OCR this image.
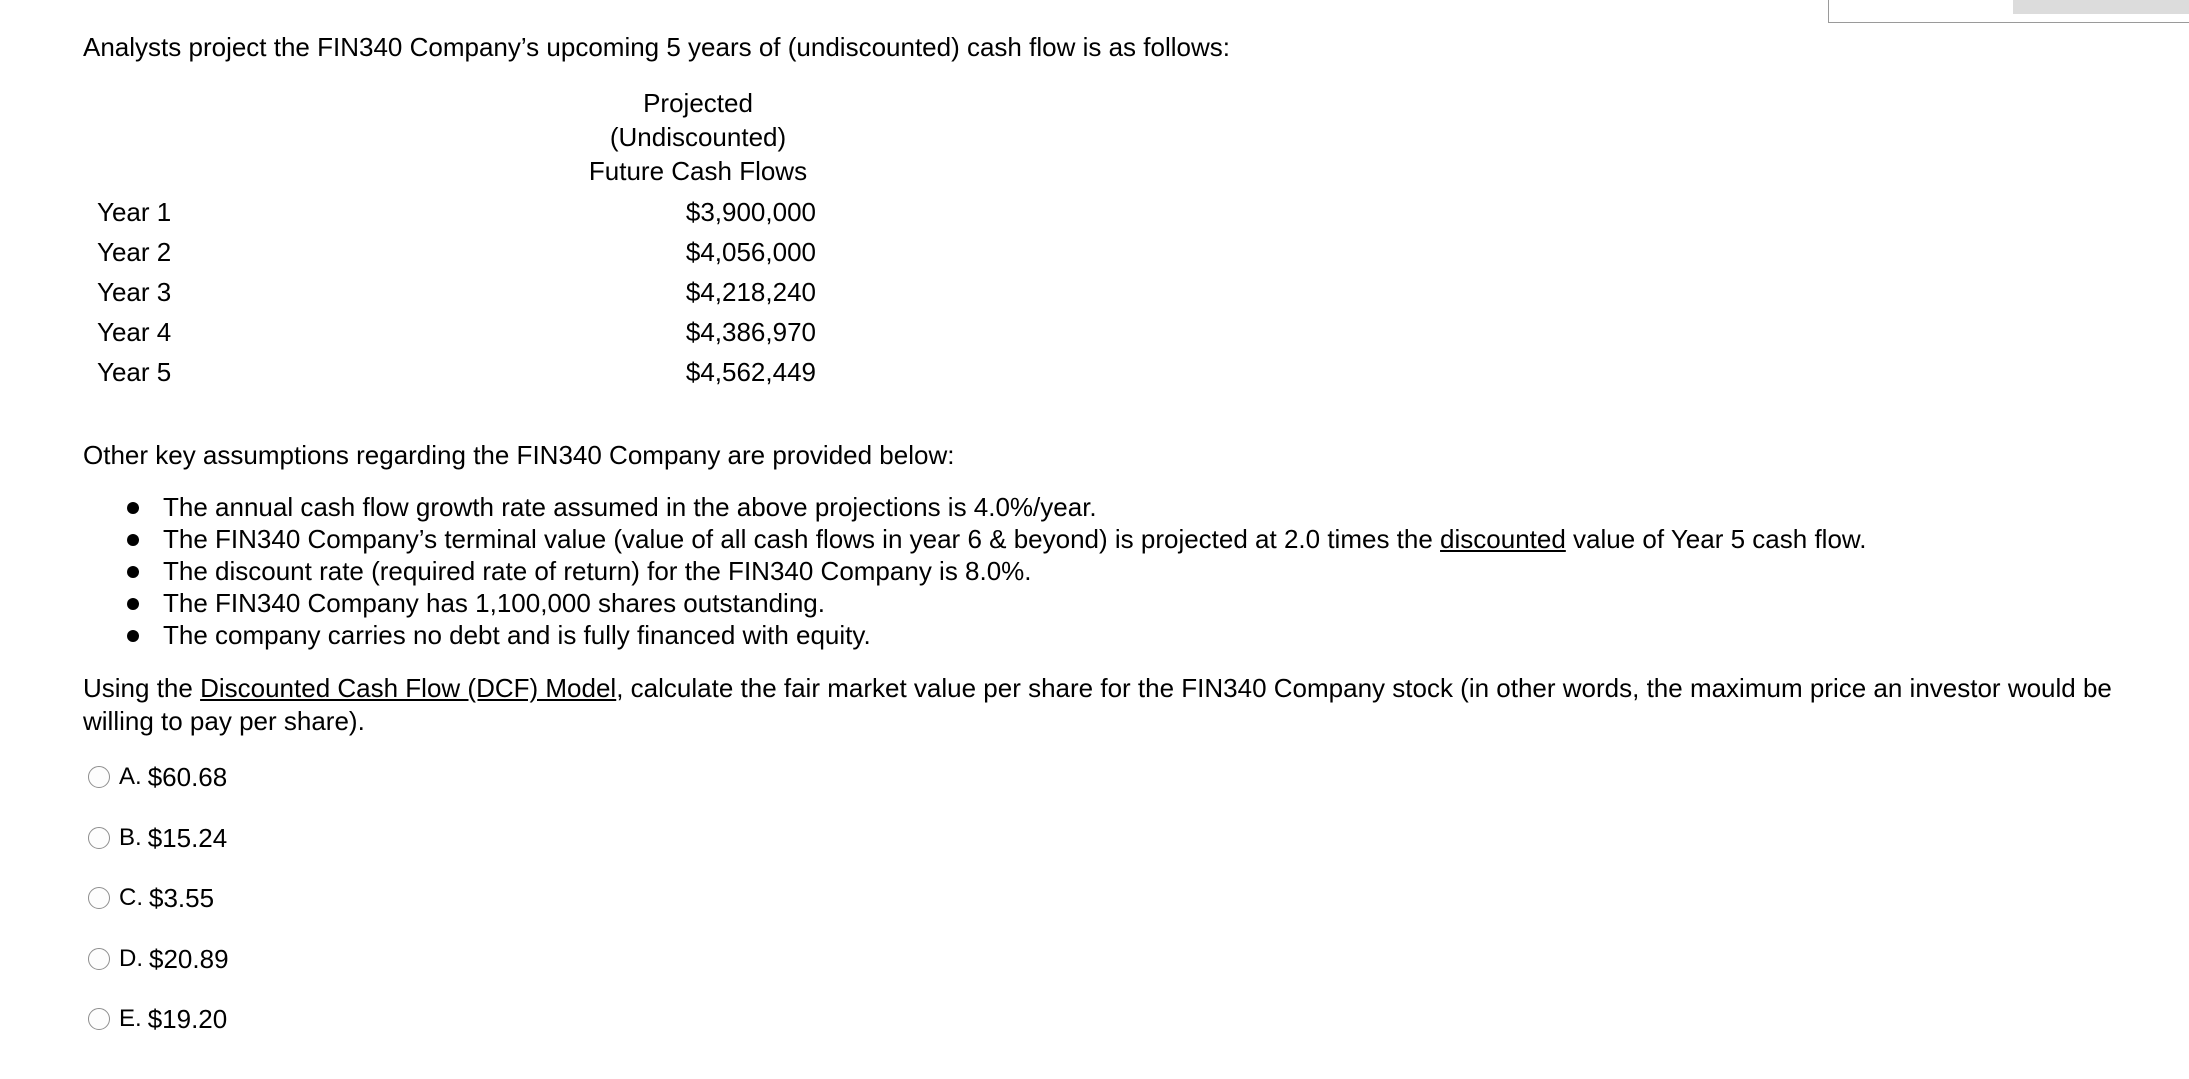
Analysts project the FIN340 Company’s upcoming 5 years of (undiscounted) cash flow is as follows:
Projected
(Undiscounted)
Future Cash Flows
Year 1	$3,900,000
Year 2	$4,056,000
Year 3	$4,218,240
Year 4	$4,386,970
Year 5	$4,562,449
Other key assumptions regarding the FIN340 Company are provided below:
The annual cash flow growth rate assumed in the above projections is 4.0%/year.
The FIN340 Company’s terminal value (value of all cash flows in year 6 & beyond) is projected at 2.0 times the discounted value of Year 5 cash flow.
The discount rate (required rate of return) for the FIN340 Company is 8.0%.
The FIN340 Company has 1,100,000 shares outstanding.
The company carries no debt and is fully financed with equity.
Using the Discounted Cash Flow (DCF) Model, calculate the fair market value per share for the FIN340 Company stock (in other words, the maximum price an investor would be willing to pay per share).
A. $60.68
B. $15.24
C. $3.55
D. $20.89
E. $19.20
